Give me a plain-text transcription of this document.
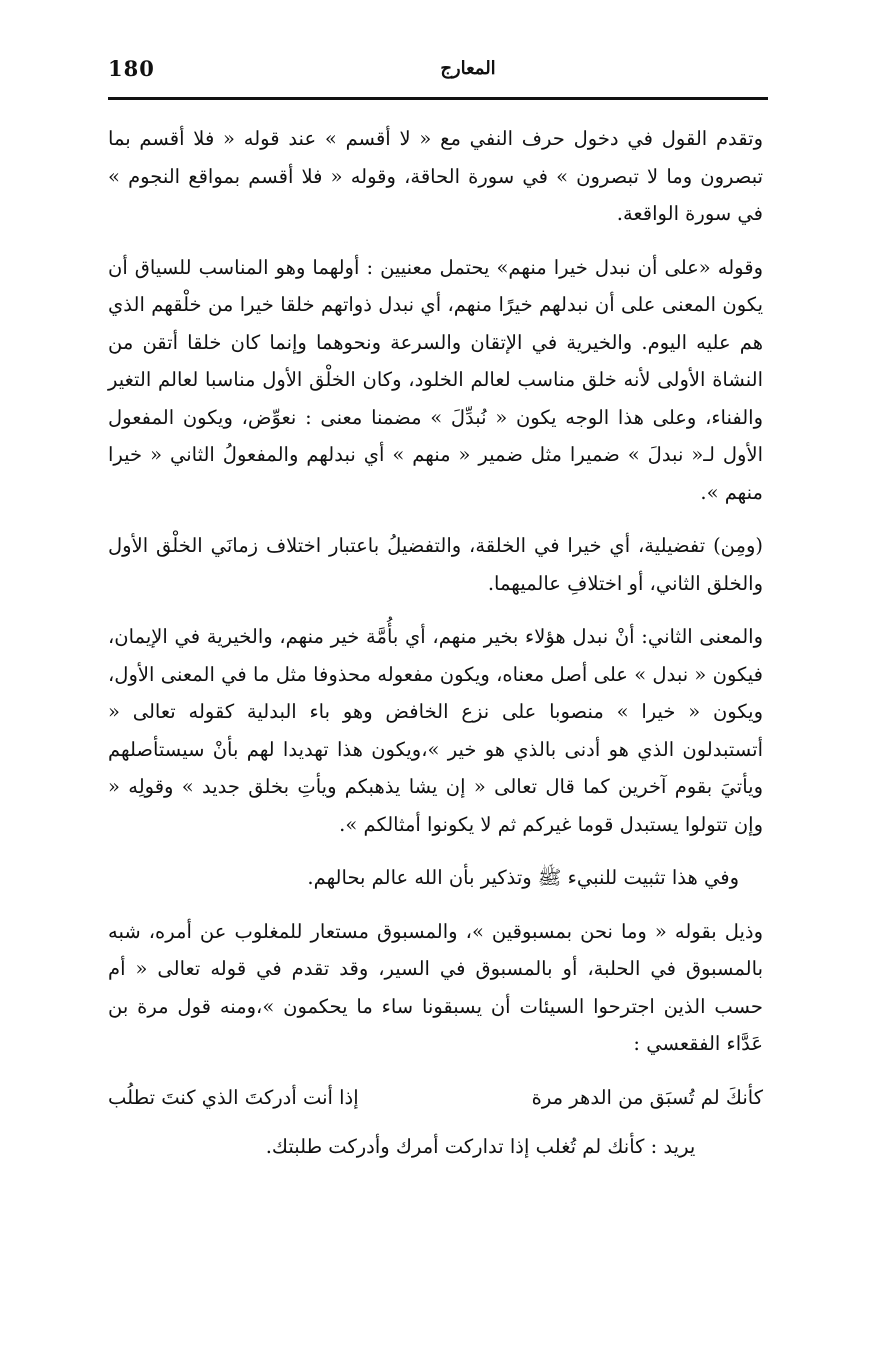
180	المعارج

وتقدم القول في دخول حرف النفي مع « لا أقسم » عند قوله « فلا أقسم بما تبصرون وما لا تبصرون » في سورة الحاقة، وقوله « فلا أقسم بمواقع النجوم » في سورة الواقعة.

وقوله «على أن نبدل خيرا منهم» يحتمل معنيين : أولهما وهو المناسب للسياق أن يكون المعنى على أن نبدلهم خيرًا منهم، أي نبدل ذواتهم خلقا خيرا من خلْقهم الذي هم عليه اليوم. والخيرية في الإتقان والسرعة ونحوهما وإنما كان خلقا أتقن من النشاة الأولى لأنه خلق مناسب لعالم الخلود، وكان الخلْق الأول مناسبا لعالم التغير والفناء، وعلى هذا الوجه يكون « نُبدِّلَ » مضمنا معنى : نعوِّض، ويكون المفعول الأول لـ« نبدلَ » ضميرا مثل ضمير « منهم » أي نبدلهم والمفعولُ الثاني « خيرا منهم ».

(ومِن) تفضيلية، أي خيرا في الخلقة، والتفضيلُ باعتبار اختلاف زمانَي الخلْق الأول والخلق الثاني، أو اختلافِ عالميهما.

والمعنى الثاني: أنْ نبدل هؤلاء بخير منهم، أي بأُمَّة خير منهم، والخيرية في الإيمان، فيكون « نبدل » على أصل معناه، ويكون مفعوله محذوفا مثل ما في المعنى الأول، ويكون « خيرا » منصوبا على نزع الخافض وهو باء البدلية كقوله تعالى « أتستبدلون الذي هو أدنى بالذي هو خير »،ويكون هذا تهديدا لهم بأنْ سيستأصلهم ويأتيَ بقوم آخرين كما قال تعالى « إن يشا يذهبكم ويأتِ بخلق جديد » وقولِه « وإن تتولوا يستبدل قوما غيركم ثم لا يكونوا أمثالكم ».

وفي هذا تثبيت للنبيء ﷺ وتذكير بأن الله عالم بحالهم.

وذيل بقوله « وما نحن بمسبوقين »، والمسبوق مستعار للمغلوب عن أمره، شبه بالمسبوق في الحلبة، أو بالمسبوق في السير، وقد تقدم في قوله تعالى « أم حسب الذين اجترحوا السيئات أن يسبقونا ساء ما يحكمون »،ومنه قول مرة بن عَدَّاء الفقعسي :

كأنكَ لم تُسبَق من الدهر مرة
إذا أنت أدركتَ الذي كنتَ تطلُب

يريد : كأنك لم تُغلب إذا تداركت أمرك وأدركت طلبتك.
